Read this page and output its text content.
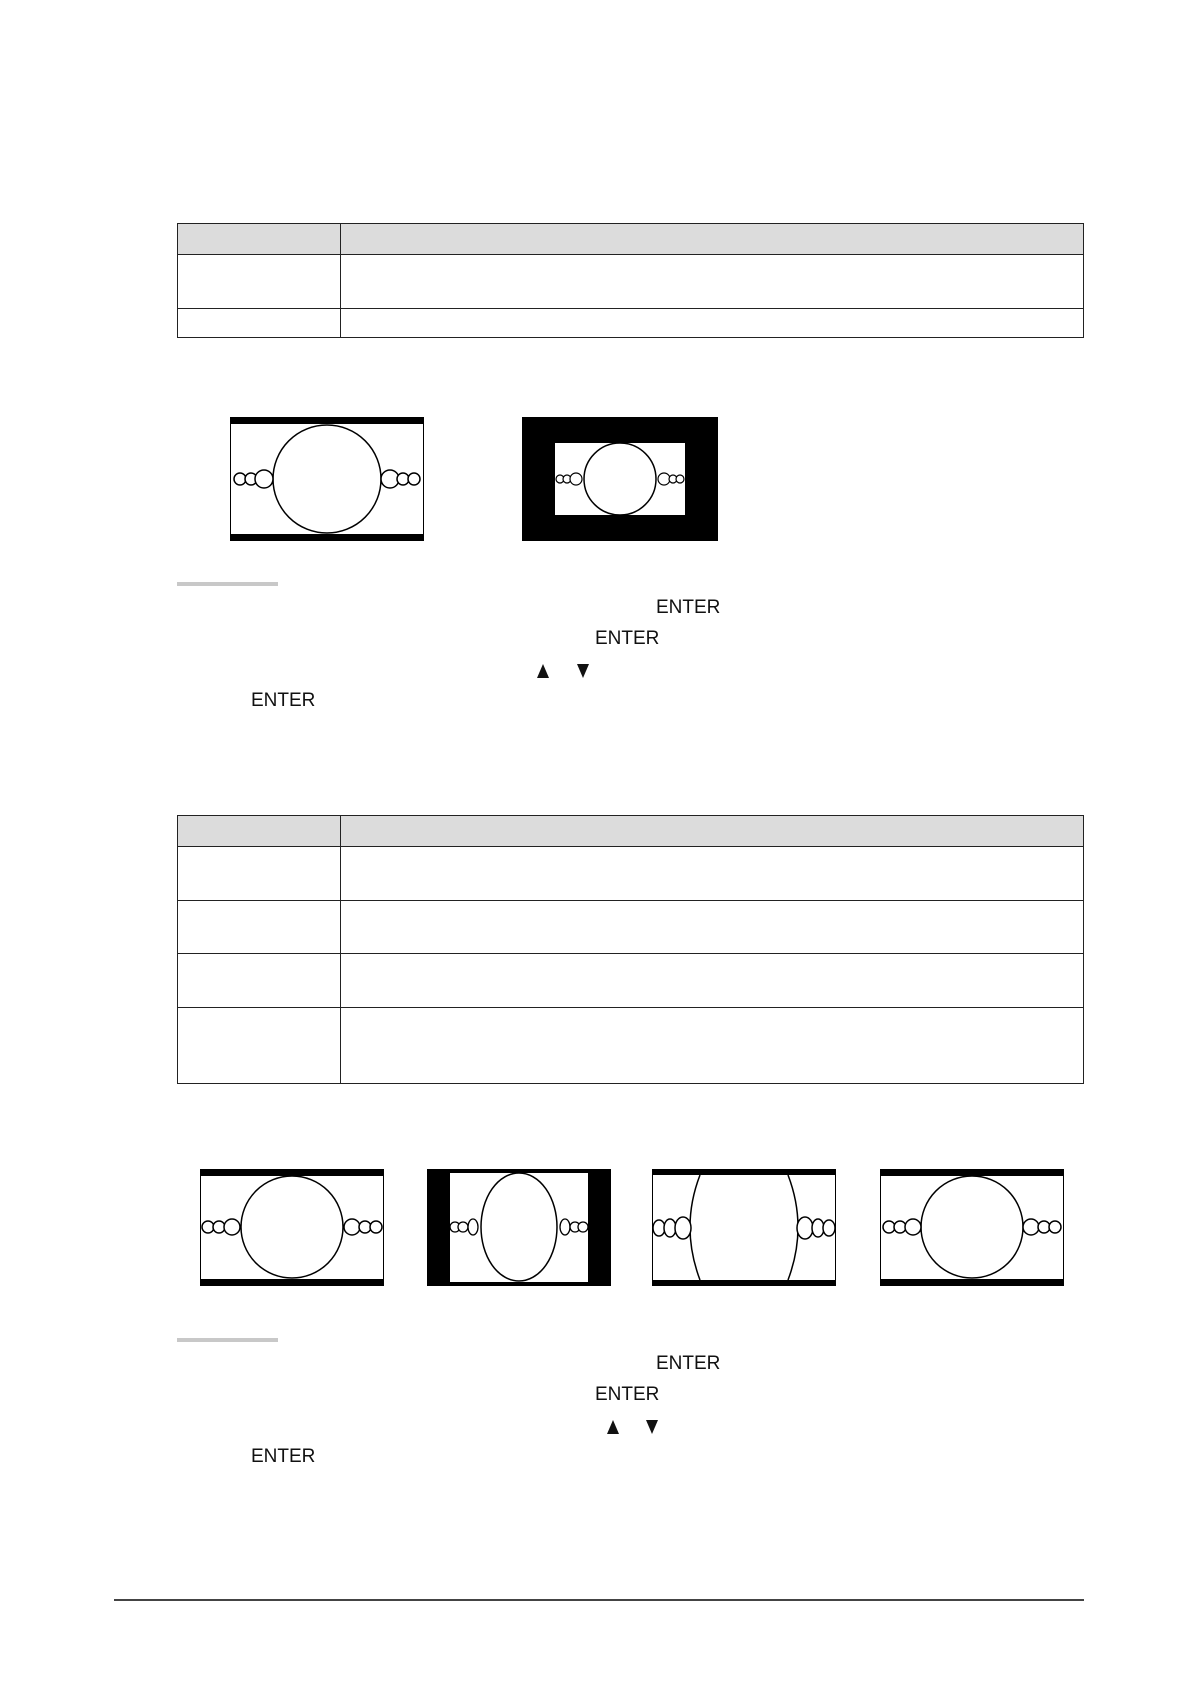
ENTER
ENTER
ENTER

ENTER
ENTER
ENTER
